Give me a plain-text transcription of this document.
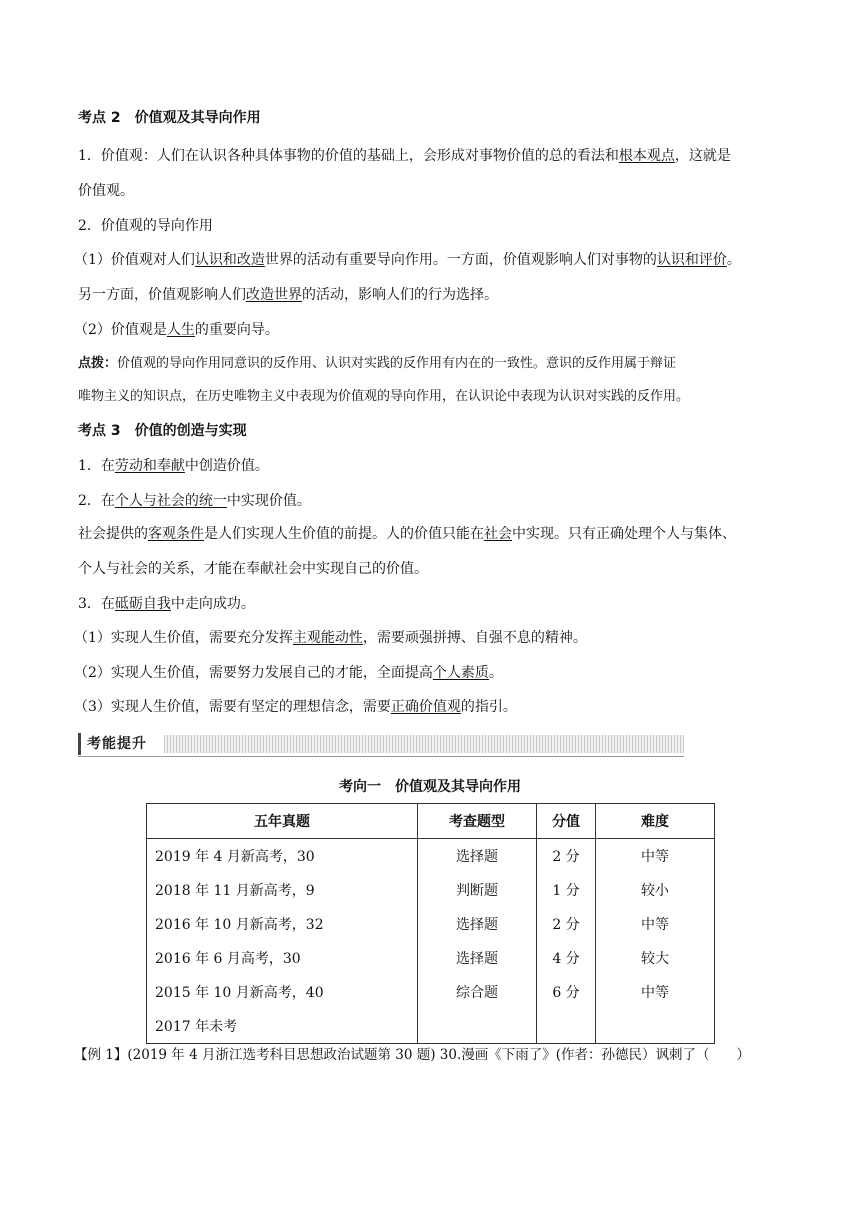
考点 2　价值观及其导向作用
1．价值观：人们在认识各种具体事物的价值的基础上，会形成对事物价值的总的看法和根本观点，这就是
价值观。
2．价值观的导向作用
（1）价值观对人们认识和改造世界的活动有重要导向作用。一方面，价值观影响人们对事物的认识和评价。
另一方面，价值观影响人们改造世界的活动，影响人们的行为选择。
（2）价值观是人生的重要向导。
点拨：价值观的导向作用同意识的反作用、认识对实践的反作用有内在的一致性。意识的反作用属于辩证
唯物主义的知识点，在历史唯物主义中表现为价值观的导向作用，在认识论中表现为认识对实践的反作用。
考点 3　价值的创造与实现
1．在劳动和奉献中创造价值。
2．在个人与社会的统一中实现价值。
社会提供的客观条件是人们实现人生价值的前提。人的价值只能在社会中实现。只有正确处理个人与集体、
个人与社会的关系，才能在奉献社会中实现自己的价值。
3．在砥砺自我中走向成功。
（1）实现人生价值，需要充分发挥主观能动性，需要顽强拼搏、自强不息的精神。
（2）实现人生价值，需要努力发展自己的才能，全面提高个人素质。
（3）实现人生价值，需要有坚定的理想信念，需要正确价值观的指引。
考能提升
考向一　价值观及其导向作用
五年真题	考查题型	分值	难度
2019 年 4 月新高考，30	选择题	2 分	中等
2018 年 11 月新高考，9	判断题	1 分	较小
2016 年 10 月新高考，32	选择题	2 分	中等
2016 年 6 月高考，30	选择题	4 分	较大
2015 年 10 月新高考，40	综合题	6 分	中等
2017 年未考			
【例 1】(2019 年 4 月浙江选考科目思想政治试题第 30 题) 30.漫画《下雨了》(作者：孙德民）讽刺了（　　）
